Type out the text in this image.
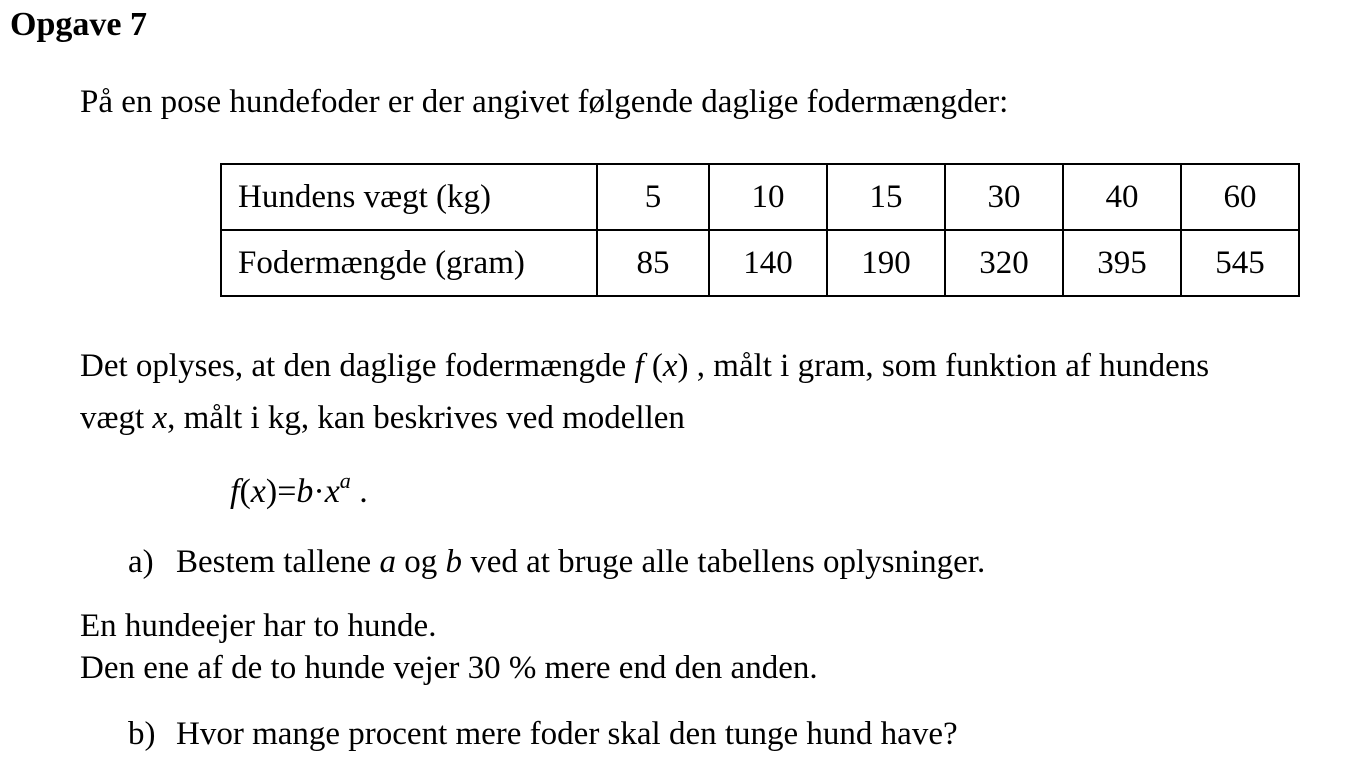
Opgave 7
På en pose hundefoder er der angivet følgende daglige fodermængder:
Hundens vægt (kg)	5	10	15	30	40	60
Fodermængde (gram)	85	140	190	320	395	545
Det oplyses, at den daglige fodermængde f (x) , målt i gram, som funktion af hundens
vægt x, målt i kg, kan beskrives ved modellen
$f(x)=b\cdot x^a$ .
a) Bestem tallene a og b ved at bruge alle tabellens oplysninger.
En hundeejer har to hunde.
Den ene af de to hunde vejer 30 % mere end den anden.
b) Hvor mange procent mere foder skal den tunge hund have?
